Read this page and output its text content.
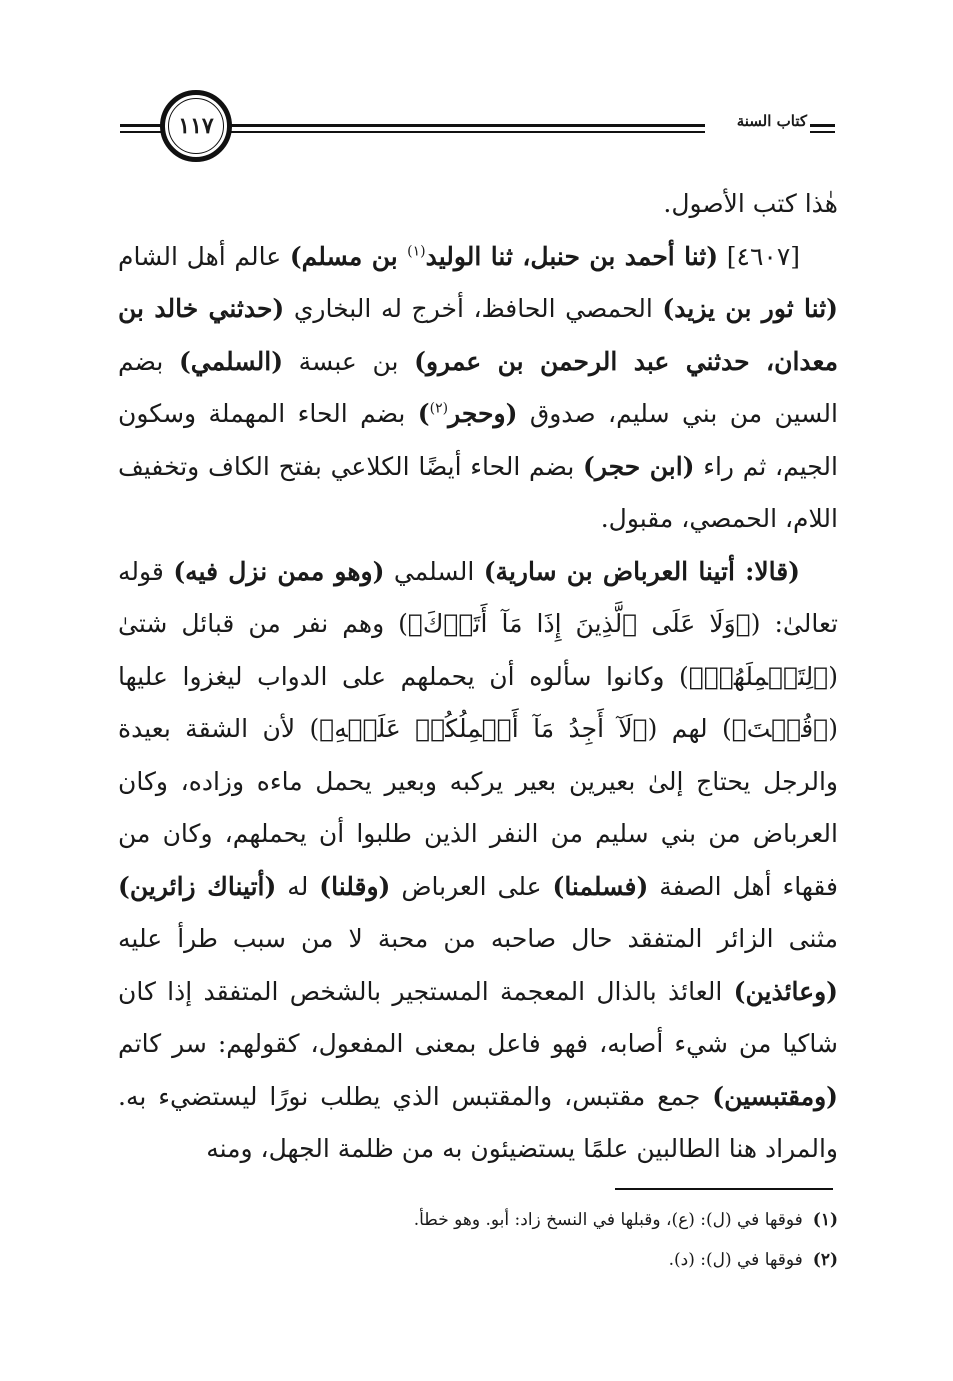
كتاب السنة
١١٧

هٰذا كتب الأصول.

[٤٦٠٧] (ثنا أحمد بن حنبل، ثنا الوليد$^{(١)}$ بن مسلم) عالم أهل الشام (ثنا ثور بن يزيد) الحمصي الحافظ، أخرج له البخاري (حدثني خالد بن معدان، حدثني عبد الرحمن بن عمرو) بن عبسة (السلمي) بضم السين من بني سليم، صدوق (وحجر$^{(٢)}$) بضم الحاء المهملة وسكون الجيم، ثم راء (ابن حجر) بضم الحاء أيضًا الكلاعي بفتح الكاف وتخفيف اللام، الحمصي، مقبول.

(قالا: أتينا العرباض بن سارية) السلمي (وهو ممن نزل فيه) قوله تعالىٰ: (﴿وَلَا عَلَى ٱلَّذِينَ إِذَا مَآ أَتَوۡكَ﴾) وهم نفر من قبائل شتىٰ (﴿لِتَحۡمِلَهُمۡ﴾) وكانوا سألوه أن يحملهم على الدواب ليغزوا عليها (﴿قُلۡتَ﴾) لهم (﴿لَآ أَجِدُ مَآ أَحۡمِلُكُمۡ عَلَيۡهِ﴾) لأن الشقة بعيدة والرجل يحتاج إلىٰ بعيرين بعير يركبه وبعير يحمل ماءه وزاده، وكان العرباض من بني سليم من النفر الذين طلبوا أن يحملهم، وكان من فقهاء أهل الصفة (فسلمنا) على العرباض (وقلنا) له (أتيناك زائرين) مثنى الزائر المتفقد حال صاحبه من محبة لا من سبب طرأ عليه (وعائذين) العائذ بالذال المعجمة المستجير بالشخص المتفقد إذا كان شاكيا من شيء أصابه، فهو فاعل بمعنى المفعول، كقولهم: سر كاتم (ومقتبسين) جمع مقتبس، والمقتبس الذي يطلب نورًا ليستضيء به. والمراد هنا الطالبين علمًا يستضيئون به من ظلمة الجهل، ومنه

(١)فوقها في (ل): (ع)، وقبلها في النسخ زاد: أبو. وهو خطأ.

(٢)فوقها في (ل): (د).
